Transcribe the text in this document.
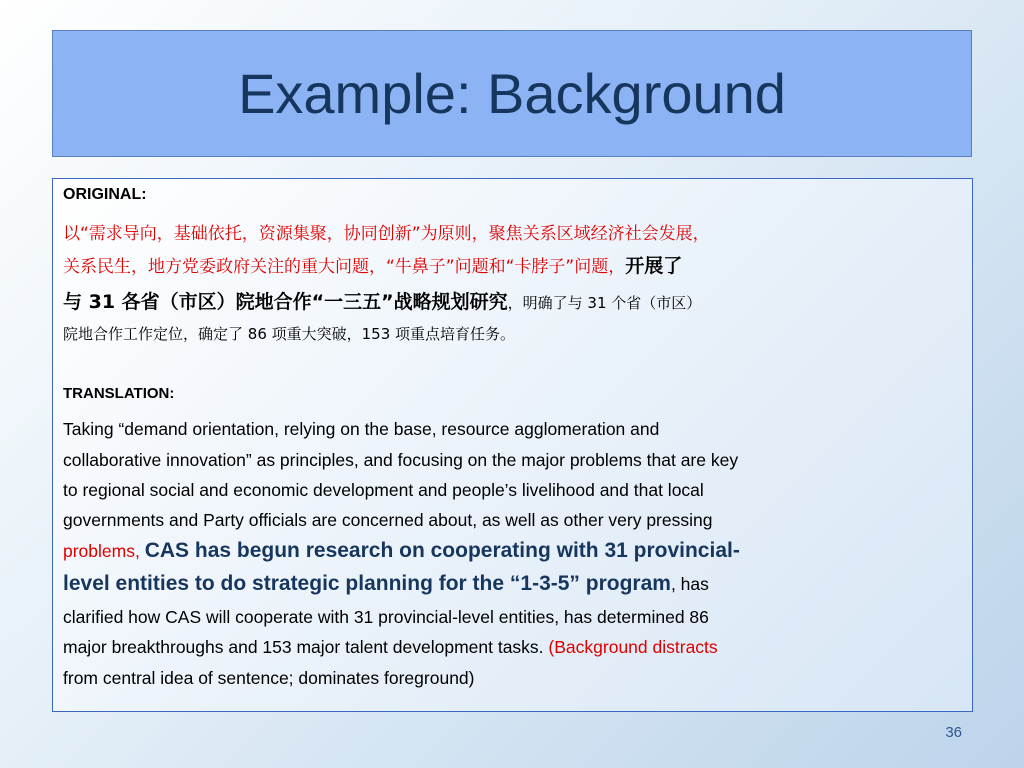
Example: Background
ORIGINAL:
以“需求导向，基础依托，资源集聚，协同创新”为原则，聚焦关系区域经济社会发展，
关系民生，地方党委政府关注的重大问题，“牛鼻子”问题和“卡脖子”问题，开展了
与 31 各省（市区）院地合作“一三五”战略规划研究，明确了与 31 个省（市区）
院地合作工作定位，确定了 86 项重大突破，153 项重点培育任务。
TRANSLATION:
Taking “demand orientation, relying on the base, resource agglomeration and
collaborative innovation” as principles, and focusing on the major problems that are key
to regional social and economic development and people’s livelihood and that local
governments and Party officials are concerned about, as well as other very pressing
problems, CAS has begun research on cooperating with 31 provincial-
level entities to do strategic planning for the “1-3-5” program, has
clarified how CAS will cooperate with 31 provincial-level entities, has determined 86
major breakthroughs and 153 major talent development tasks. (Background distracts
from central idea of sentence; dominates foreground)
36
